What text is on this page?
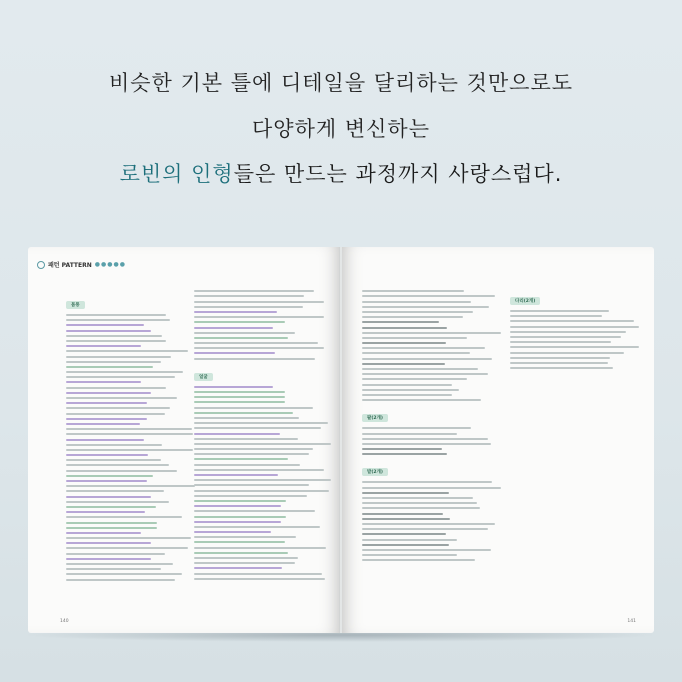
비슷한 기본 틀에 디테일을 달리하는 것만으로도
다양하게 변신하는
로빈의 인형들은 만드는 과정까지 사랑스럽다.
패턴 PATTERN ●●●●●
몸통
얼굴
140
팔(2개)
발(2개)
다리(2개)
141
